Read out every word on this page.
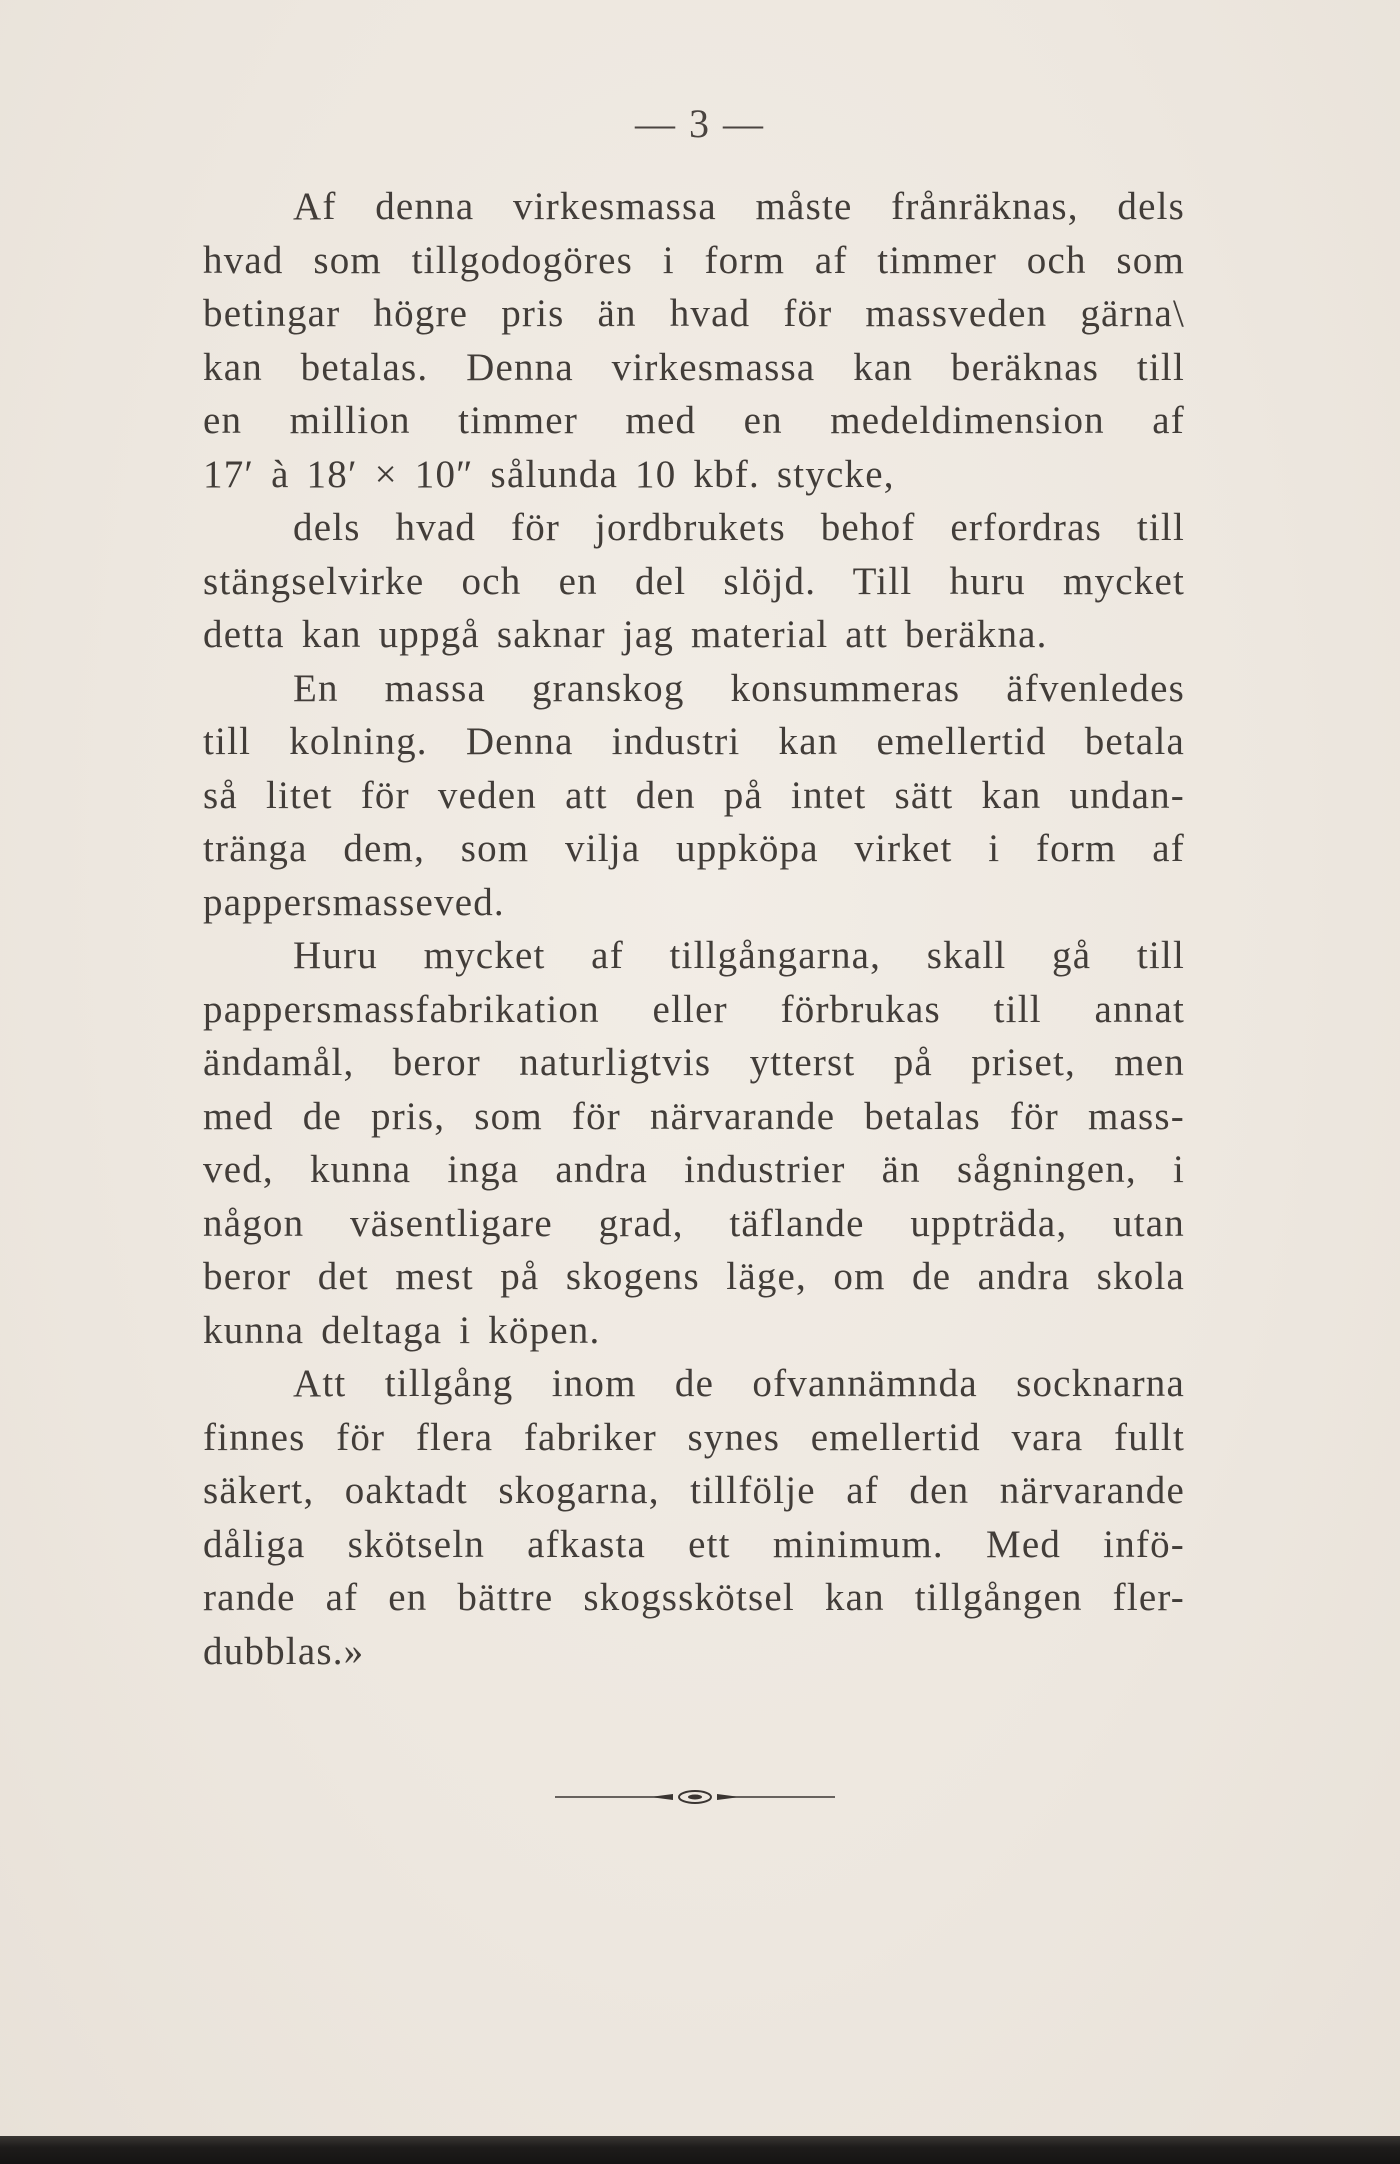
— 3 —
Af denna virkesmassa måste frånräknas, dels
hvad som tillgodogöres i form af timmer och som
betingar högre pris än hvad för massveden gärna\
kan betalas. Denna virkesmassa kan beräknas till
en million timmer med en medeldimension af
17′ à 18′ × 10″ sålunda 10 kbf. stycke,
dels hvad för jordbrukets behof erfordras till
stängselvirke och en del slöjd. Till huru mycket
detta kan uppgå saknar jag material att beräkna.
En massa granskog konsummeras äfvenledes
till kolning. Denna industri kan emellertid betala
så litet för veden att den på intet sätt kan undan-
tränga dem, som vilja uppköpa virket i form af
pappersmasseved.
Huru mycket af tillgångarna, skall gå till
pappersmassfabrikation eller förbrukas till annat
ändamål, beror naturligtvis ytterst på priset, men
med de pris, som för närvarande betalas för mass-
ved, kunna inga andra industrier än sågningen, i
någon väsentligare grad, täflande uppträda, utan
beror det mest på skogens läge, om de andra skola
kunna deltaga i köpen.
Att tillgång inom de ofvannämnda socknarna
finnes för flera fabriker synes emellertid vara fullt
säkert, oaktadt skogarna, tillfölje af den närvarande
dåliga skötseln afkasta ett minimum. Med infö-
rande af en bättre skogsskötsel kan tillgången fler-
dubblas.»
